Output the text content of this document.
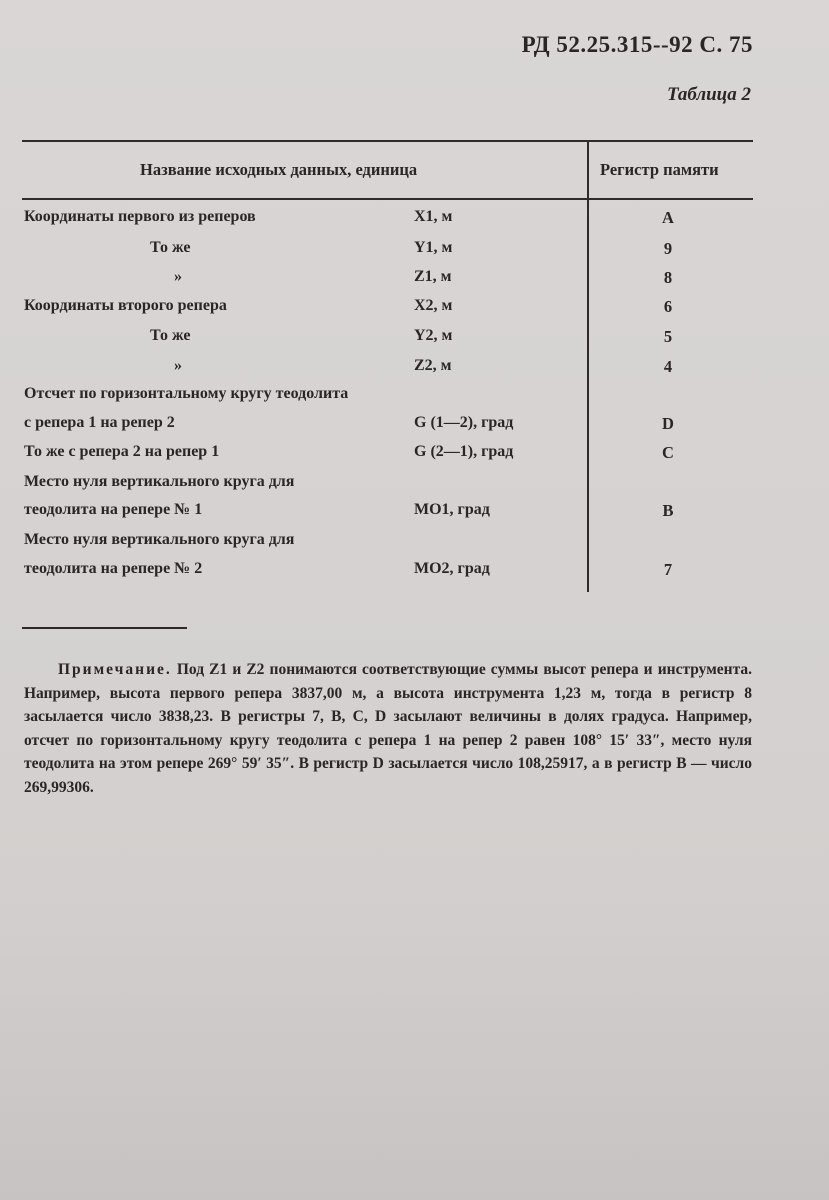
РД 52.25.315--92 С. 75
Таблица 2
Название исходных данных, единица	Регистр памяти
Координаты первого из реперов	X1, м	A
То же	Y1, м	9
»	Z1, м	8
Координаты второго репера	X2, м	6
То же	Y2, м	5
»	Z2, м	4
Отсчет по горизонтальному кругу теодолита
с репера 1 на репер 2	G (1—2), град	D
То же с репера 2 на репер 1	G (2—1), град	C
Место нуля вертикального круга для
теодолита на репере № 1	MO1, град	B
Место нуля вертикального круга для
теодолита на репере № 2	MO2, град	7
Примечание. Под Z1 и Z2 понимаются соответствующие суммы высот репера и инструмента. Например, высота первого репера 3837,00 м, а высота инструмента 1,23 м, тогда в регистр 8 засылается число 3838,23. В регистры 7, B, C, D засылают величины в долях градуса. Например, отсчет по горизонтальному кругу теодолита с репера 1 на репер 2 равен 108° 15′ 33″, место нуля теодолита на этом репере 269° 59′ 35″. В регистр D засылается число 108,25917, а в регистр B — число 269,99306.
